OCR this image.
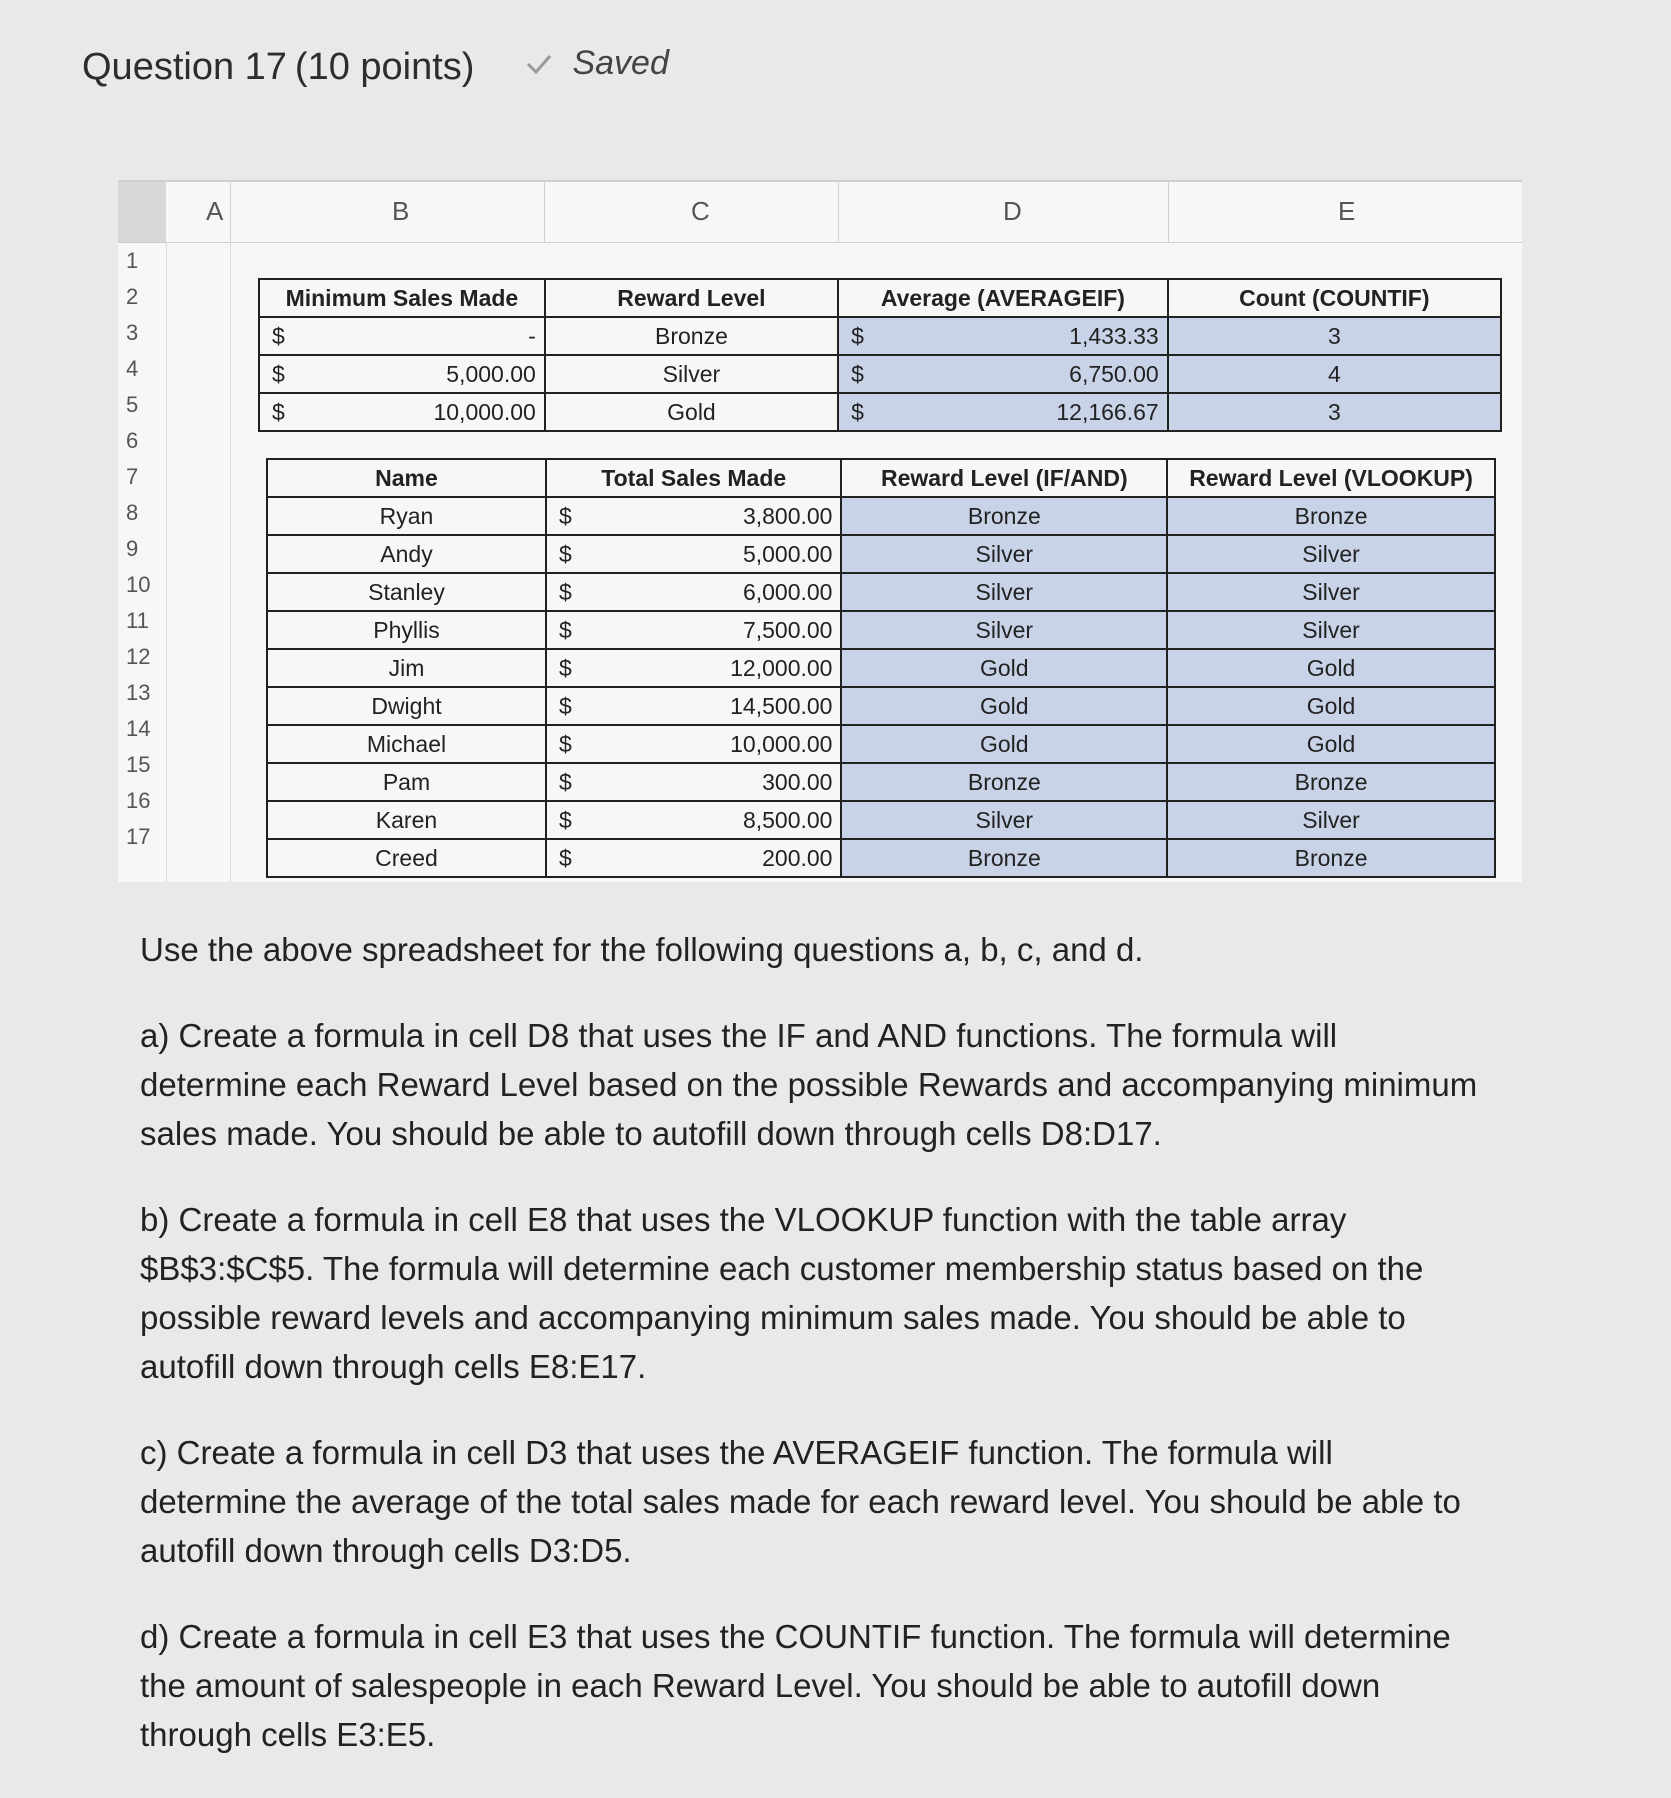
Question 17 (10 points)	Saved
A	B	C	D	E
1
2
3
4
5
6
7
8
9
10
11
12
13
14
15
16
17
Minimum Sales Made	Reward Level	Average (AVERAGEIF)	Count (COUNTIF)

$ -	Bronze	$ 1,433.33	3

$ 5,000.00	Silver	$ 6,750.00	4

$ 10,000.00	Gold	$ 12,166.67	3
Name	Total Sales Made	Reward Level (IF/AND)	Reward Level (VLOOKUP)
Ryan	$ 3,800.00	Bronze	Bronze
Andy	$ 5,000.00	Silver	Silver
Stanley	$ 6,000.00	Silver	Silver
Phyllis	$ 7,500.00	Silver	Silver
Jim	$ 12,000.00	Gold	Gold
Dwight	$ 14,500.00	Gold	Gold
Michael	$ 10,000.00	Gold	Gold
Pam	$ 300.00	Bronze	Bronze
Karen	$ 8,500.00	Silver	Silver
Creed	$ 200.00	Bronze	Bronze

Use the above spreadsheet for the following questions a, b, c, and d.

a) Create a formula in cell D8 that uses the IF and AND functions. The formula will determine each Reward Level based on the possible Rewards and accompanying minimum sales made. You should be able to autofill down through cells D8:D17.

b) Create a formula in cell E8 that uses the VLOOKUP function with the table array $B$3:$C$5. The formula will determine each customer membership status based on the possible reward levels and accompanying minimum sales made. You should be able to autofill down through cells E8:E17.

c) Create a formula in cell D3 that uses the AVERAGEIF function. The formula will determine the average of the total sales made for each reward level. You should be able to autofill down through cells D3:D5.

d) Create a formula in cell E3 that uses the COUNTIF function. The formula will determine the amount of salespeople in each Reward Level. You should be able to autofill down through cells E3:E5.
